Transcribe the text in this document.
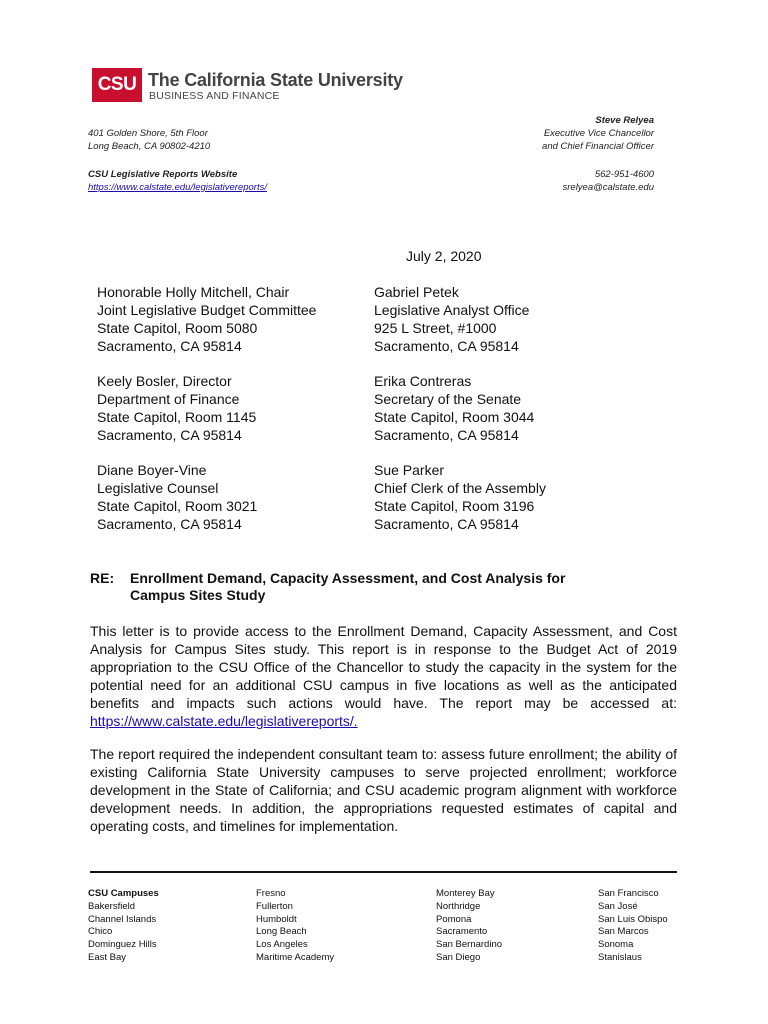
CSU The California State University
BUSINESS AND FINANCE
401 Golden Shore, 5th Floor
Long Beach, CA 90802-4210
CSU Legislative Reports Website
https://www.calstate.edu/legislativereports/
Steve Relyea
Executive Vice Chancellor
and Chief Financial Officer
562-951-4600
srelyea@calstate.edu
July 2, 2020
Honorable Holly Mitchell, Chair
Joint Legislative Budget Committee
State Capitol, Room 5080
Sacramento, CA 95814
Gabriel Petek
Legislative Analyst Office
925 L Street, #1000
Sacramento, CA 95814
Keely Bosler, Director
Department of Finance
State Capitol, Room 1145
Sacramento, CA 95814
Erika Contreras
Secretary of the Senate
State Capitol, Room 3044
Sacramento, CA 95814
Diane Boyer-Vine
Legislative Counsel
State Capitol, Room 3021
Sacramento, CA 95814
Sue Parker
Chief Clerk of the Assembly
State Capitol, Room 3196
Sacramento, CA 95814
RE: Enrollment Demand, Capacity Assessment, and Cost Analysis for
Campus Sites Study
This letter is to provide access to the Enrollment Demand, Capacity Assessment, and Cost Analysis for Campus Sites study. This report is in response to the Budget Act of 2019 appropriation to the CSU Office of the Chancellor to study the capacity in the system for the potential need for an additional CSU campus in five locations as well as the anticipated benefits and impacts such actions would have. The report may be accessed at: https://www.calstate.edu/legislativereports/.
The report required the independent consultant team to: assess future enrollment; the ability of existing California State University campuses to serve projected enrollment; workforce development in the State of California; and CSU academic program alignment with workforce development needs. In addition, the appropriations requested estimates of capital and operating costs, and timelines for implementation.
CSU Campuses
Bakersfield
Channel Islands
Chico
Dominguez Hills
East Bay
Fresno
Fullerton
Humboldt
Long Beach
Los Angeles
Maritime Academy
Monterey Bay
Northridge
Pomona
Sacramento
San Bernardino
San Diego
San Francisco
San José
San Luis Obispo
San Marcos
Sonoma
Stanislaus
